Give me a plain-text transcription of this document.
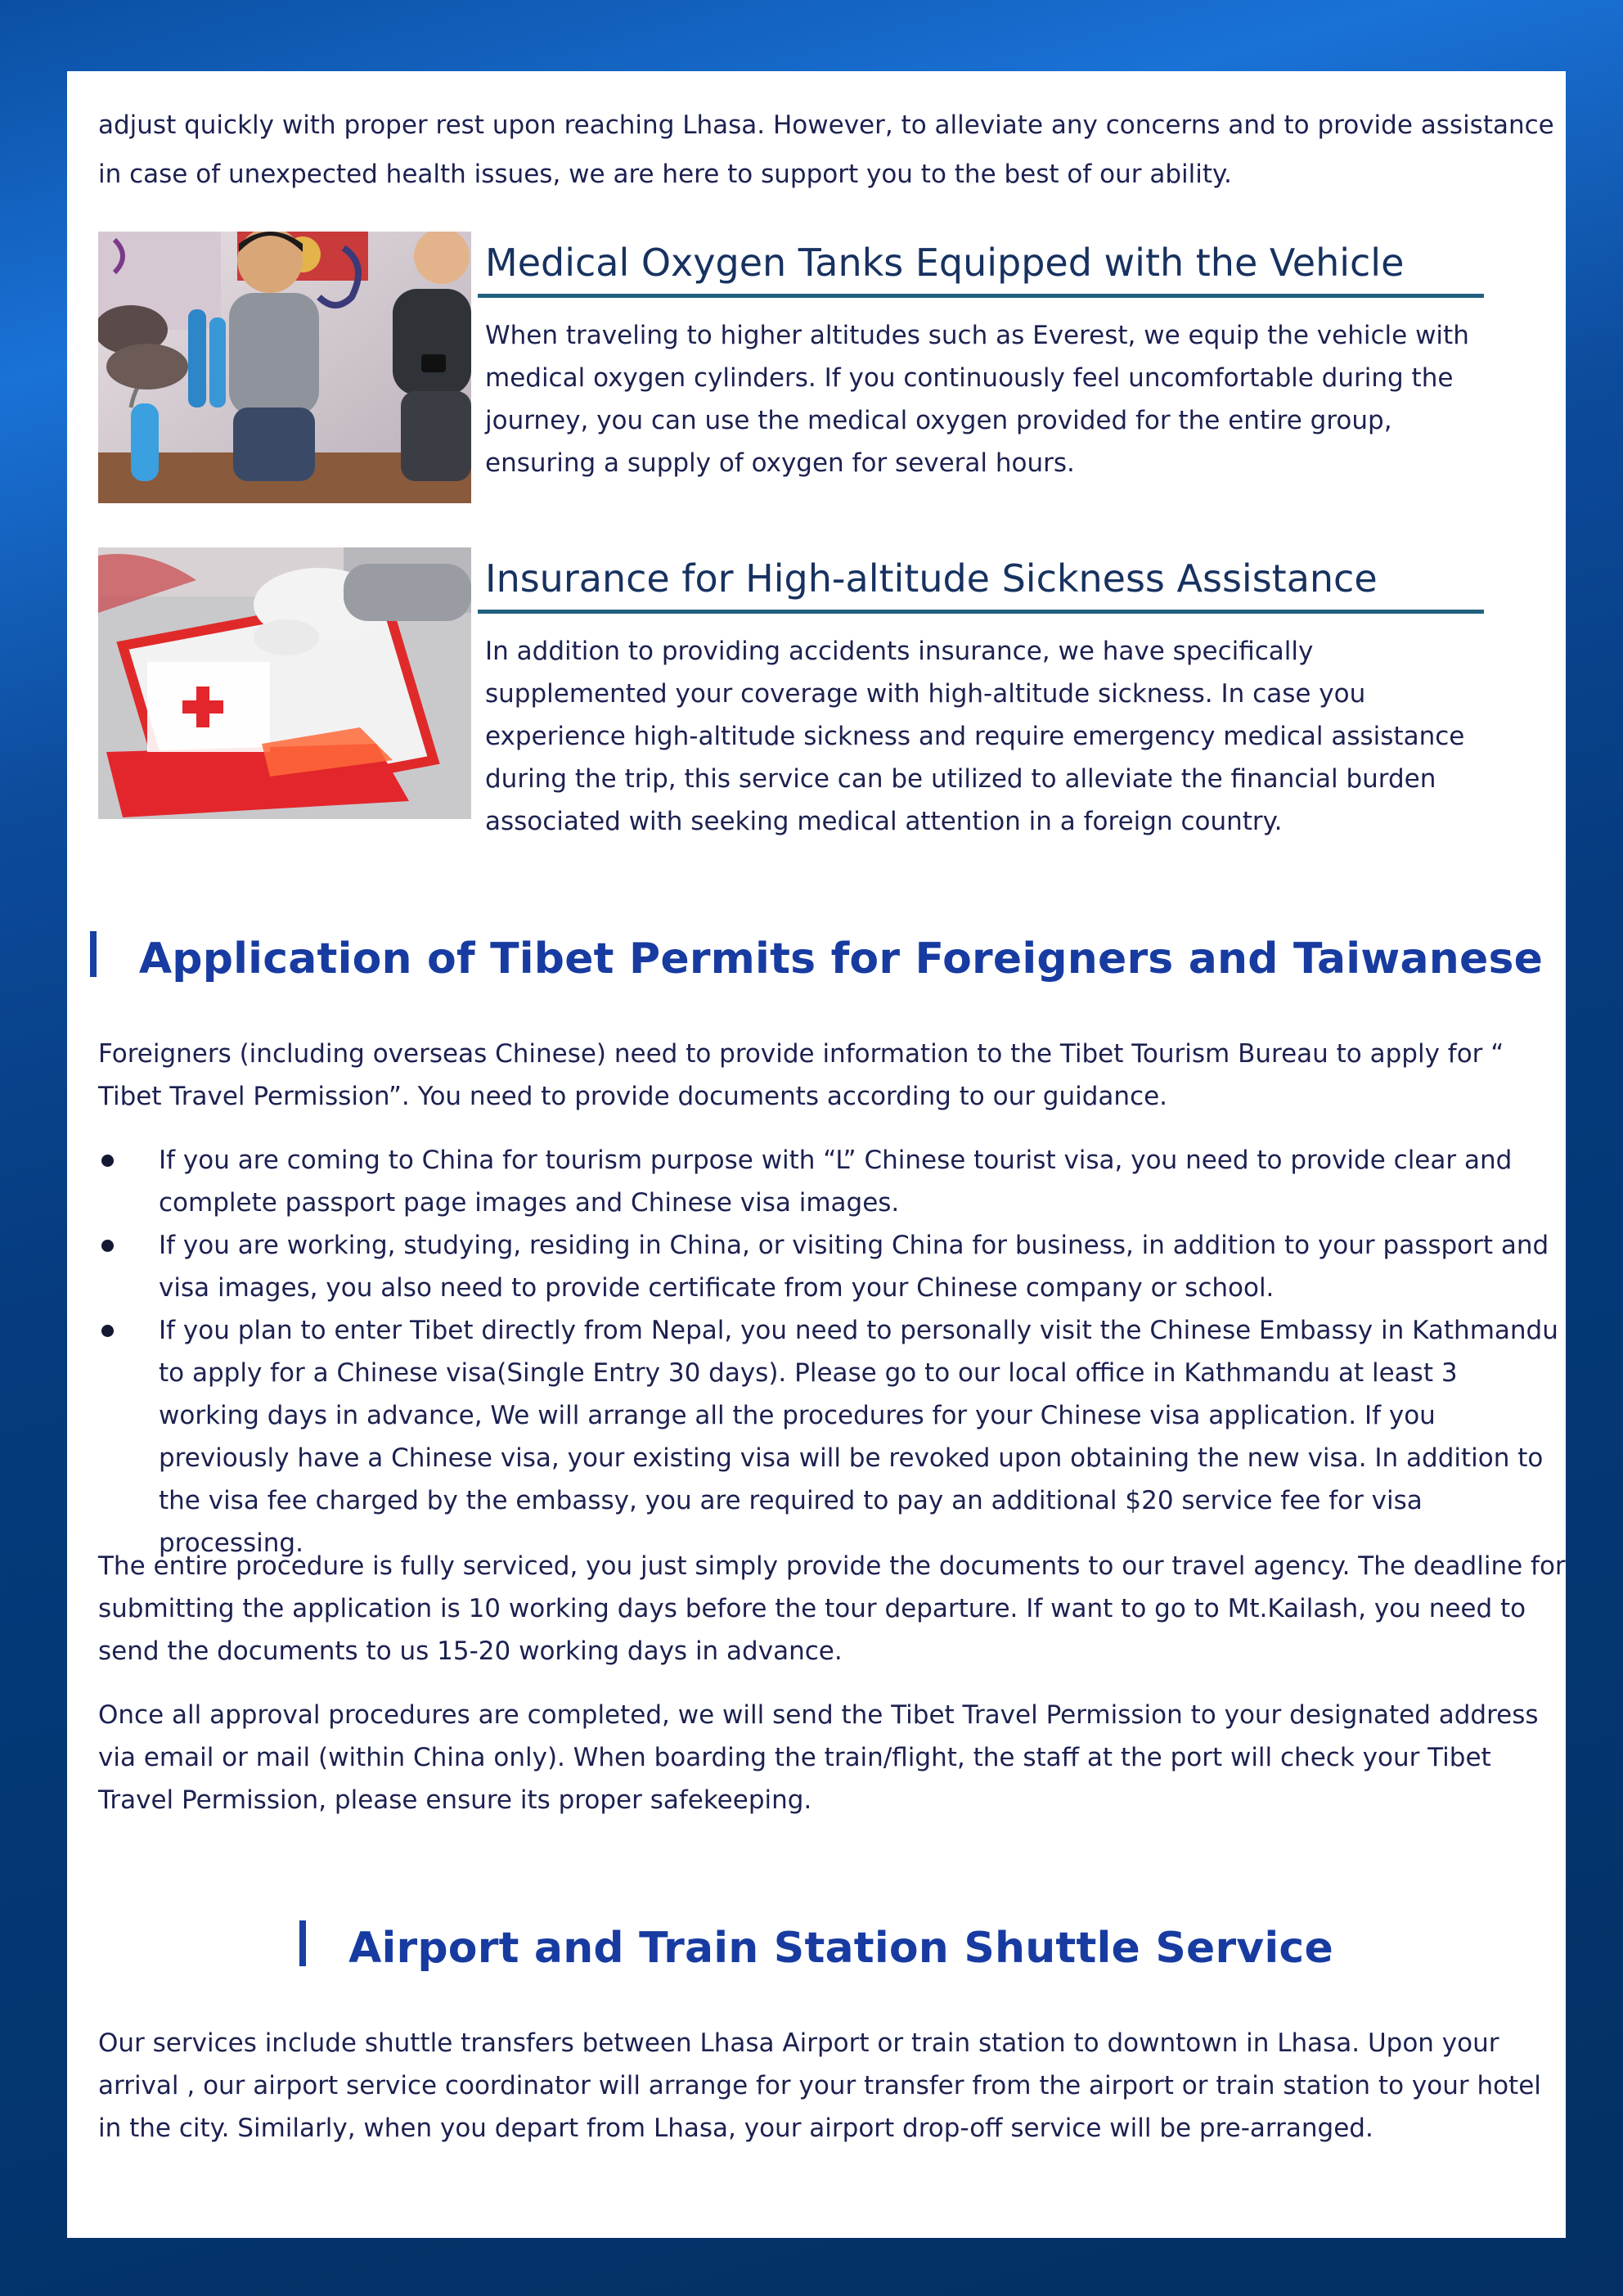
adjust quickly with proper rest upon reaching Lhasa. However, to alleviate any concerns and to provide assistance in case of unexpected health issues, we are here to support you to the best of our ability.

Medical Oxygen Tanks Equipped with the Vehicle

When traveling to higher altitudes such as Everest, we equip the vehicle with medical oxygen cylinders. If you continuously feel uncomfortable during the journey, you can use the medical oxygen provided for the entire group, ensuring a supply of oxygen for several hours.

Insurance for High-altitude Sickness Assistance

In addition to providing accidents insurance, we have specifically supplemented your coverage with high-altitude sickness. In case you experience high-altitude sickness and require emergency medical assistance during the trip, this service can be utilized to alleviate the financial burden associated with seeking medical attention in a foreign country.

Application of Tibet Permits for Foreigners and Taiwanese

Foreigners (including overseas Chinese) need to provide information to the Tibet Tourism Bureau to apply for “ Tibet Travel Permission”. You need to provide documents according to our guidance.

If you are coming to China for tourism purpose with “L” Chinese tourist visa, you need to provide clear and complete passport page images and Chinese visa images.
If you are working, studying, residing in China, or visiting China for business, in addition to your passport and visa images, you also need to provide certificate from your Chinese company or school.
If you plan to enter Tibet directly from Nepal, you need to personally visit the Chinese Embassy in Kathmandu to apply for a Chinese visa(Single Entry 30 days). Please go to our local office in Kathmandu at least 3 working days in advance, We will arrange all the procedures for your Chinese visa application. If you previously have a Chinese visa, your existing visa will be revoked upon obtaining the new visa. In addition to the visa fee charged by the embassy, you are required to pay an additional $20 service fee for visa processing.

The entire procedure is fully serviced, you just simply provide the documents to our travel agency. The deadline for submitting the application is 10 working days before the tour departure. If want to go to Mt.Kailash, you need to send the documents to us 15-20 working days in advance.

Once all approval procedures are completed, we will send the Tibet Travel Permission to your designated address via email or mail (within China only). When boarding the train/flight, the staff at the port will check your Tibet Travel Permission, please ensure its proper safekeeping.

Airport and Train Station Shuttle Service

Our services include shuttle transfers between Lhasa Airport or train station to downtown in Lhasa. Upon your arrival , our airport service coordinator will arrange for your transfer from the airport or train station to your hotel in the city. Similarly, when you depart from Lhasa, your airport drop-off service will be pre-arranged.
